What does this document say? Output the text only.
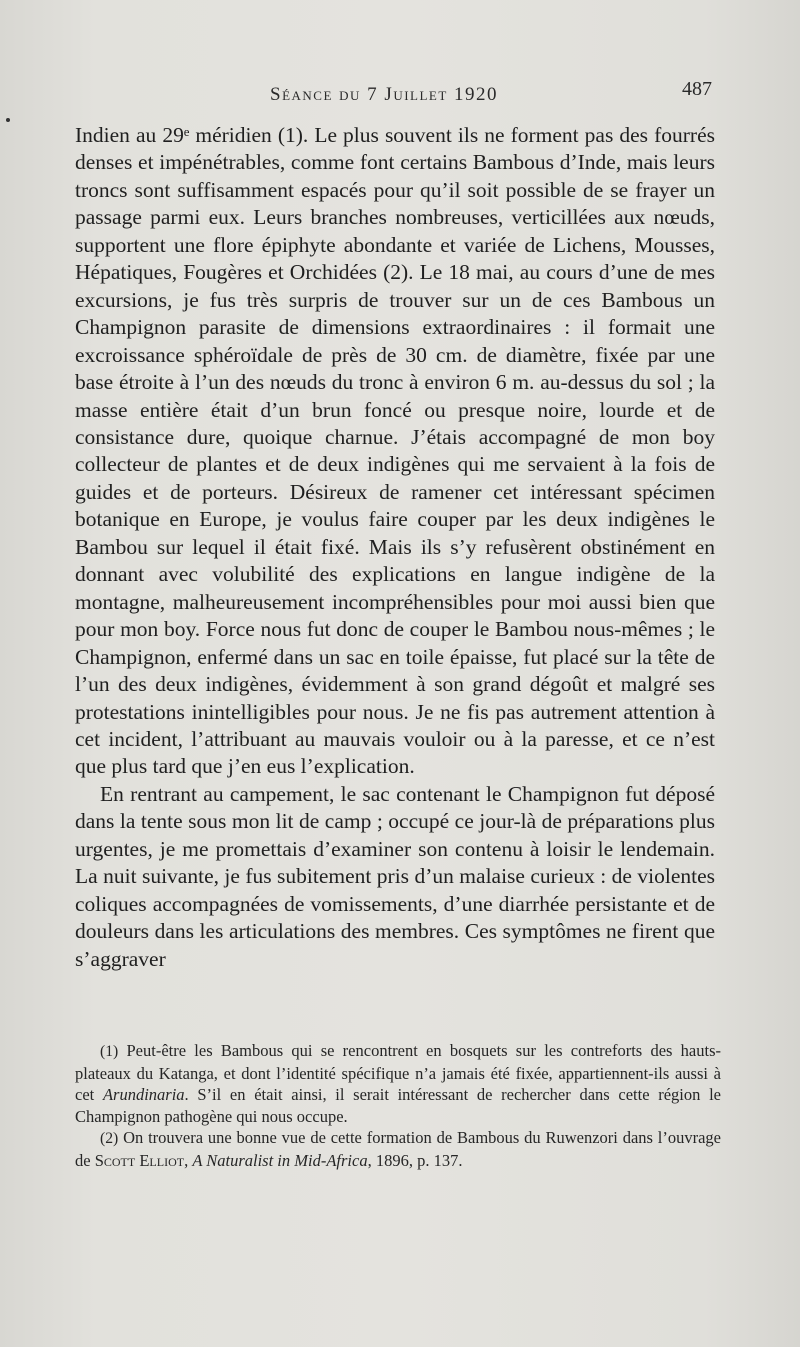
Séance du 7 Juillet 1920	487

Indien au 29ᵉ méridien (1). Le plus souvent ils ne forment pas des fourrés denses et impénétrables, comme font certains Bambous d’Inde, mais leurs troncs sont suffisamment espacés pour qu’il soit possible de se frayer un passage parmi eux. Leurs branches nombreuses, verticillées aux nœuds, supportent une flore épiphyte abondante et variée de Lichens, Mousses, Hépatiques, Fougères et Orchidées (2). Le 18 mai, au cours d’une de mes excursions, je fus très surpris de trouver sur un de ces Bambous un Champignon parasite de dimensions extraordinaires : il formait une excroissance sphéroïdale de près de 30 cm. de diamètre, fixée par une base étroite à l’un des nœuds du tronc à environ 6 m. au-dessus du sol ; la masse entière était d’un brun foncé ou presque noire, lourde et de consistance dure, quoique charnue. J’étais accompagné de mon boy collecteur de plantes et de deux indigènes qui me servaient à la fois de guides et de porteurs. Désireux de ramener cet intéressant spécimen botanique en Europe, je voulus faire couper par les deux indigènes le Bambou sur lequel il était fixé. Mais ils s’y refusèrent obstinément en donnant avec volubilité des explications en langue indigène de la montagne, malheureusement incompréhensibles pour moi aussi bien que pour mon boy. Force nous fut donc de couper le Bambou nous-mêmes ; le Champignon, enfermé dans un sac en toile épaisse, fut placé sur la tête de l’un des deux indigènes, évidemment à son grand dégoût et malgré ses protestations inintelligibles pour nous. Je ne fis pas autrement attention à cet incident, l’attribuant au mauvais vouloir ou à la paresse, et ce n’est que plus tard que j’en eus l’explication.

En rentrant au campement, le sac contenant le Champignon fut déposé dans la tente sous mon lit de camp ; occupé ce jour-là de préparations plus urgentes, je me promettais d’examiner son contenu à loisir le lendemain. La nuit suivante, je fus subitement pris d’un malaise curieux : de violentes coliques accompagnées de vomissements, d’une diarrhée persistante et de douleurs dans les articulations des membres. Ces symptômes ne firent que s’aggraver

(1) Peut-être les Bambous qui se rencontrent en bosquets sur les contreforts des hauts-plateaux du Katanga, et dont l’identité spécifique n’a jamais été fixée, appartiennent-ils aussi à cet Arundinaria. S’il en était ainsi, il serait intéressant de rechercher dans cette région le Champignon pathogène qui nous occupe.

(2) On trouvera une bonne vue de cette formation de Bambous du Ruwenzori dans l’ouvrage de Scott Elliot, A Naturalist in Mid-Africa, 1896, p. 137.
